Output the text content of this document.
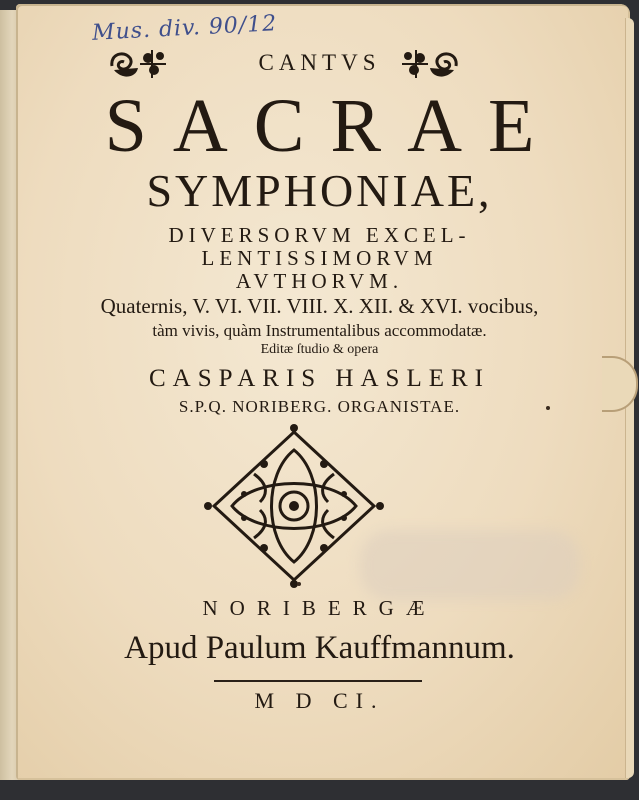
Mus. div. 90/12
CANTVS
SACRAE
SYMPHONIAE,
DIVERSORVM EXCEL-
LENTISSIMORVM
AVTHORVM.
Quaternis, V. VI. VII. VIII. X. XII. & XVI. vocibus,
tàm vivis, quàm Instrumentalibus accommodatæ.
Editæ ſtudio & opera
CASPARIS HASLERI
S.P.Q. NORIBERG. ORGANISTAE.
NORIBERGÆ
Apud Paulum Kauffmannum.
M D CI.
